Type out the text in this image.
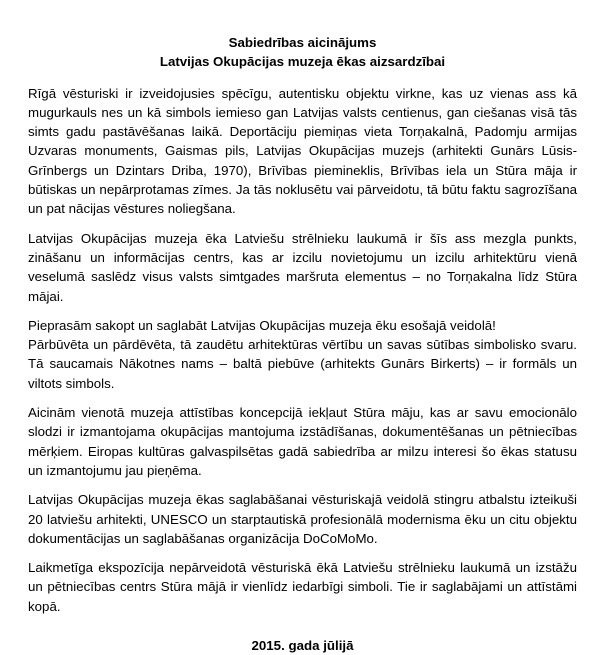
Sabiedrības aicinājums
Latvijas Okupācijas muzeja ēkas aizsardzībai

Rīgā vēsturiski ir izveidojusies spēcīgu, autentisku objektu virkne, kas uz vienas ass kā mugurkauls nes un kā simbols iemieso gan Latvijas valsts centienus, gan ciešanas visā tās simts gadu pastāvēšanas laikā. Deportāciju piemiņas vieta Torņakalnā, Padomju armijas Uzvaras monuments, Gaismas pils, Latvijas Okupācijas muzejs (arhitekti Gunārs Lūsis-Grīnbergs un Dzintars Driba, 1970), Brīvības piemineklis, Brīvības iela un Stūra māja ir būtiskas un nepārprotamas zīmes. Ja tās noklusētu vai pārveidotu, tā būtu faktu sagrozīšana un pat nācijas vēstures noliegšana.

Latvijas Okupācijas muzeja ēka Latviešu strēlnieku laukumā ir šīs ass mezgla punkts, zināšanu un informācijas centrs, kas ar izcilu novietojumu un izcilu arhitektūru vienā veselumā saslēdz visus valsts simtgades maršruta elementus – no Torņakalna līdz Stūra mājai.

Pieprasām sakopt un saglabāt Latvijas Okupācijas muzeja ēku esošajā veidolā!
Pārbūvēta un pārdēvēta, tā zaudētu arhitektūras vērtību un savas sūtības simbolisko svaru. Tā saucamais Nākotnes nams – baltā piebūve (arhitekts Gunārs Birkerts) – ir formāls un viltots simbols.

Aicinām vienotā muzeja attīstības koncepcijā iekļaut Stūra māju, kas ar savu emocionālo slodzi ir izmantojama okupācijas mantojuma izstādīšanas, dokumentēšanas un pētniecības mērķiem. Eiropas kultūras galvaspilsētas gadā sabiedrība ar milzu interesi šo ēkas statusu un izmantojumu jau pieņēma.

Latvijas Okupācijas muzeja ēkas saglabāšanai vēsturiskajā veidolā stingru atbalstu izteikuši 20 latviešu arhitekti, UNESCO un starptautiskā profesionālā modernisma ēku un citu objektu dokumentācijas un saglabāšanas organizācija DoCoMoMo.

Laikmetīga ekspozīcija nepārveidotā vēsturiskā ēkā Latviešu strēlnieku laukumā un izstāžu un pētniecības centrs Stūra mājā ir vienlīdz iedarbīgi simboli. Tie ir saglabājami un attīstāmi kopā.

2015. gada jūlijā
